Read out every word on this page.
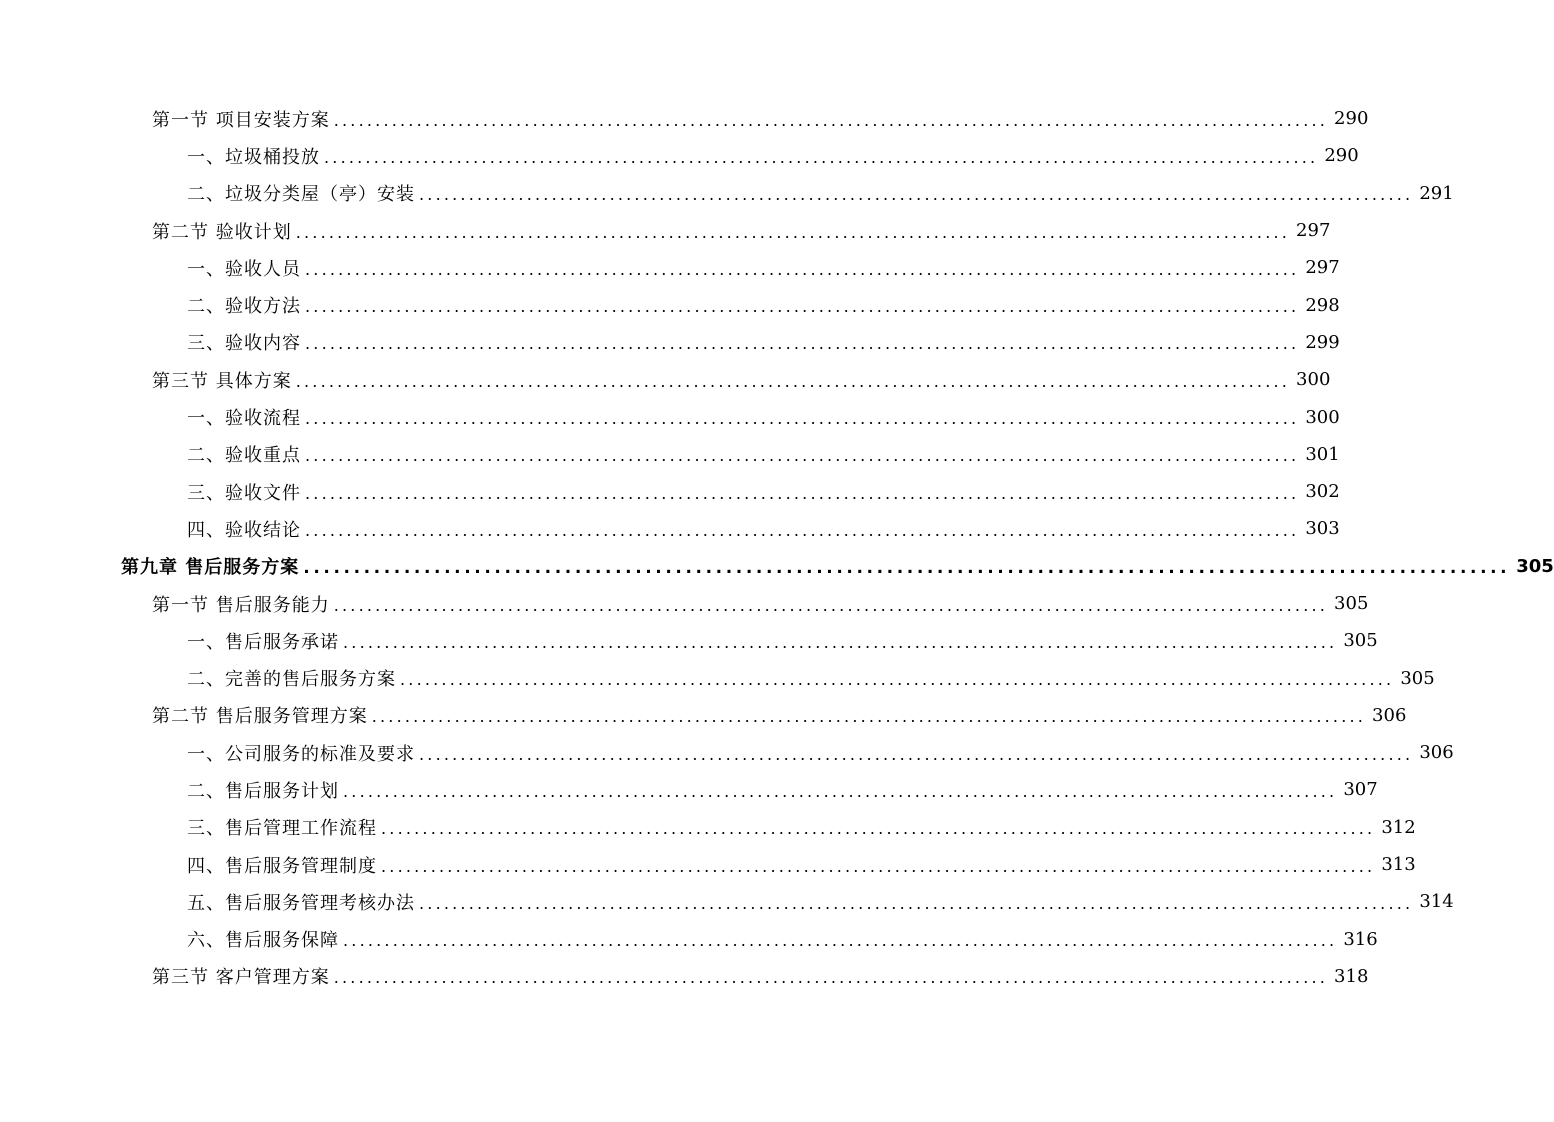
第一节 项目安装方案 ........................................................................................................................ 290
一、垃圾桶投放 ........................................................................................................................ 290
二、垃圾分类屋（亭）安装 ........................................................................................................................ 291
第二节 验收计划 ........................................................................................................................ 297
一、验收人员 ........................................................................................................................ 297
二、验收方法 ........................................................................................................................ 298
三、验收内容 ........................................................................................................................ 299
第三节 具体方案 ........................................................................................................................ 300
一、验收流程 ........................................................................................................................ 300
二、验收重点 ........................................................................................................................ 301
三、验收文件 ........................................................................................................................ 302
四、验收结论 ........................................................................................................................ 303
第九章 售后服务方案 ........................................................................................................................ 305
第一节 售后服务能力 ........................................................................................................................ 305
一、售后服务承诺 ........................................................................................................................ 305
二、完善的售后服务方案 ........................................................................................................................ 305
第二节 售后服务管理方案 ........................................................................................................................ 306
一、公司服务的标准及要求 ........................................................................................................................ 306
二、售后服务计划 ........................................................................................................................ 307
三、售后管理工作流程 ........................................................................................................................ 312
四、售后服务管理制度 ........................................................................................................................ 313
五、售后服务管理考核办法 ........................................................................................................................ 314
六、售后服务保障 ........................................................................................................................ 316
第三节 客户管理方案 ........................................................................................................................ 318
